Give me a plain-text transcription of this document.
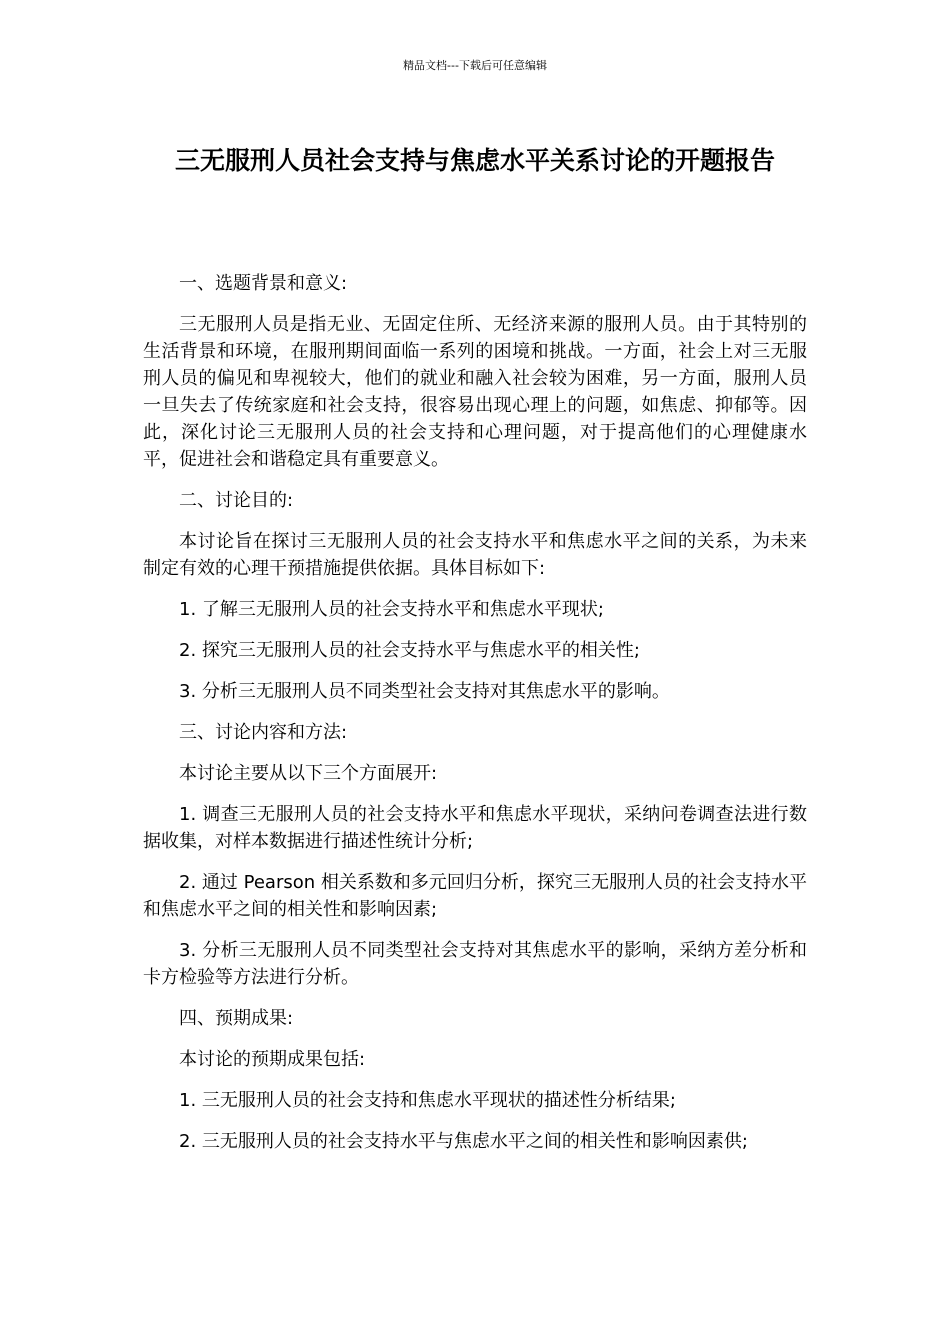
精品文档---下载后可任意编辑
三无服刑人员社会支持与焦虑水平关系讨论的开题报告

一、选题背景和意义:

三无服刑人员是指无业、无固定住所、无经济来源的服刑人员。由于其特别的生活背景和环境，在服刑期间面临一系列的困境和挑战。一方面，社会上对三无服刑人员的偏见和卑视较大，他们的就业和融入社会较为困难，另一方面，服刑人员一旦失去了传统家庭和社会支持，很容易出现心理上的问题，如焦虑、抑郁等。因此，深化讨论三无服刑人员的社会支持和心理问题，对于提高他们的心理健康水平，促进社会和谐稳定具有重要意义。

二、讨论目的:

本讨论旨在探讨三无服刑人员的社会支持水平和焦虑水平之间的关系，为未来制定有效的心理干预措施提供依据。具体目标如下:

1. 了解三无服刑人员的社会支持水平和焦虑水平现状;

2. 探究三无服刑人员的社会支持水平与焦虑水平的相关性;

3. 分析三无服刑人员不同类型社会支持对其焦虑水平的影响。

三、讨论内容和方法:

本讨论主要从以下三个方面展开:

1. 调查三无服刑人员的社会支持水平和焦虑水平现状，采纳问卷调查法进行数据收集，对样本数据进行描述性统计分析;

2. 通过 Pearson 相关系数和多元回归分析，探究三无服刑人员的社会支持水平和焦虑水平之间的相关性和影响因素;

3. 分析三无服刑人员不同类型社会支持对其焦虑水平的影响，采纳方差分析和卡方检验等方法进行分析。

四、预期成果:

本讨论的预期成果包括:

1. 三无服刑人员的社会支持和焦虑水平现状的描述性分析结果;

2. 三无服刑人员的社会支持水平与焦虑水平之间的相关性和影响因素供;
